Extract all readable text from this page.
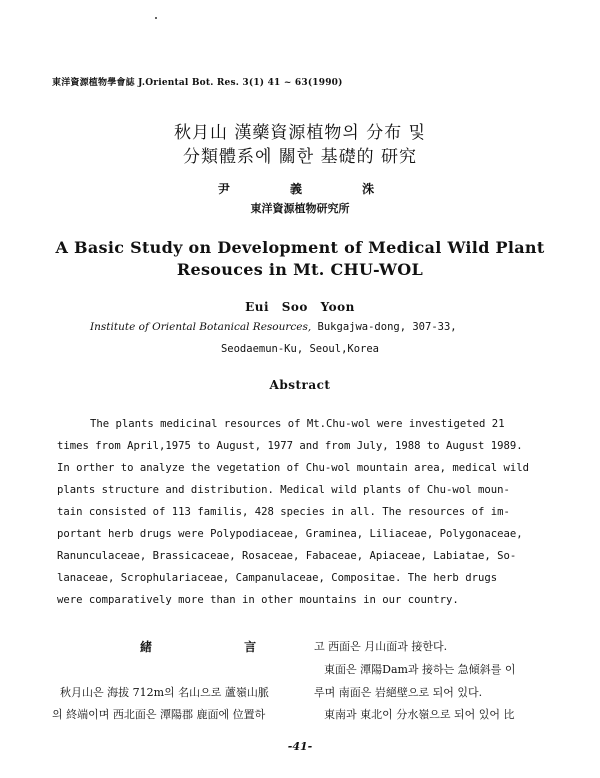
東洋資源植物學會誌 J.Oriental Bot. Res. 3(1) 41 ~ 63(1990)
秋月山 漢藥資源植物의 分布 및
分類體系에 關한 基礎的 研究
尹 義 洙
東洋資源植物研究所
A Basic Study on Development of Medical Wild Plant
Resouces in Mt. CHU-WOL
Eui Soo Yoon
Institute of Oriental Botanical Resources, Bukgajwa-dong, 307-33,
Seodaemun-Ku, Seoul,Korea
Abstract
The plants medicinal resources of Mt.Chu-wol were investigeted 21
times from April,1975 to August, 1977 and from July, 1988 to August 1989.
In orther to analyze the vegetation of Chu-wol mountain area, medical wild
plants structure and distribution. Medical wild plants of Chu-wol moun-
tain consisted of 113 familis, 428 species in all. The resources of im-
portant herb drugs were Polypodiaceae, Graminea, Liliaceae, Polygonaceae,
Ranunculaceae, Brassicaceae, Rosaceae, Fabaceae, Apiaceae, Labiatae, So-
lanaceae, Scrophulariaceae, Campanulaceae, Compositae. The herb drugs
were comparatively more than in other mountains in our country.
緒 言
秋月山은 海拔 712m의 名山으로 蘆嶺山脈
의 終端이며 西北面은 潭陽郡 鹿面에 位置하
고 西面은 月山面과 接한다.
東面은 潭陽Dam과 接하는 急傾斜를 이
루며 南面은 岩絕壁으로 되어 있다.
東南과 東北이 分水嶺으로 되어 있어 比
-41-
